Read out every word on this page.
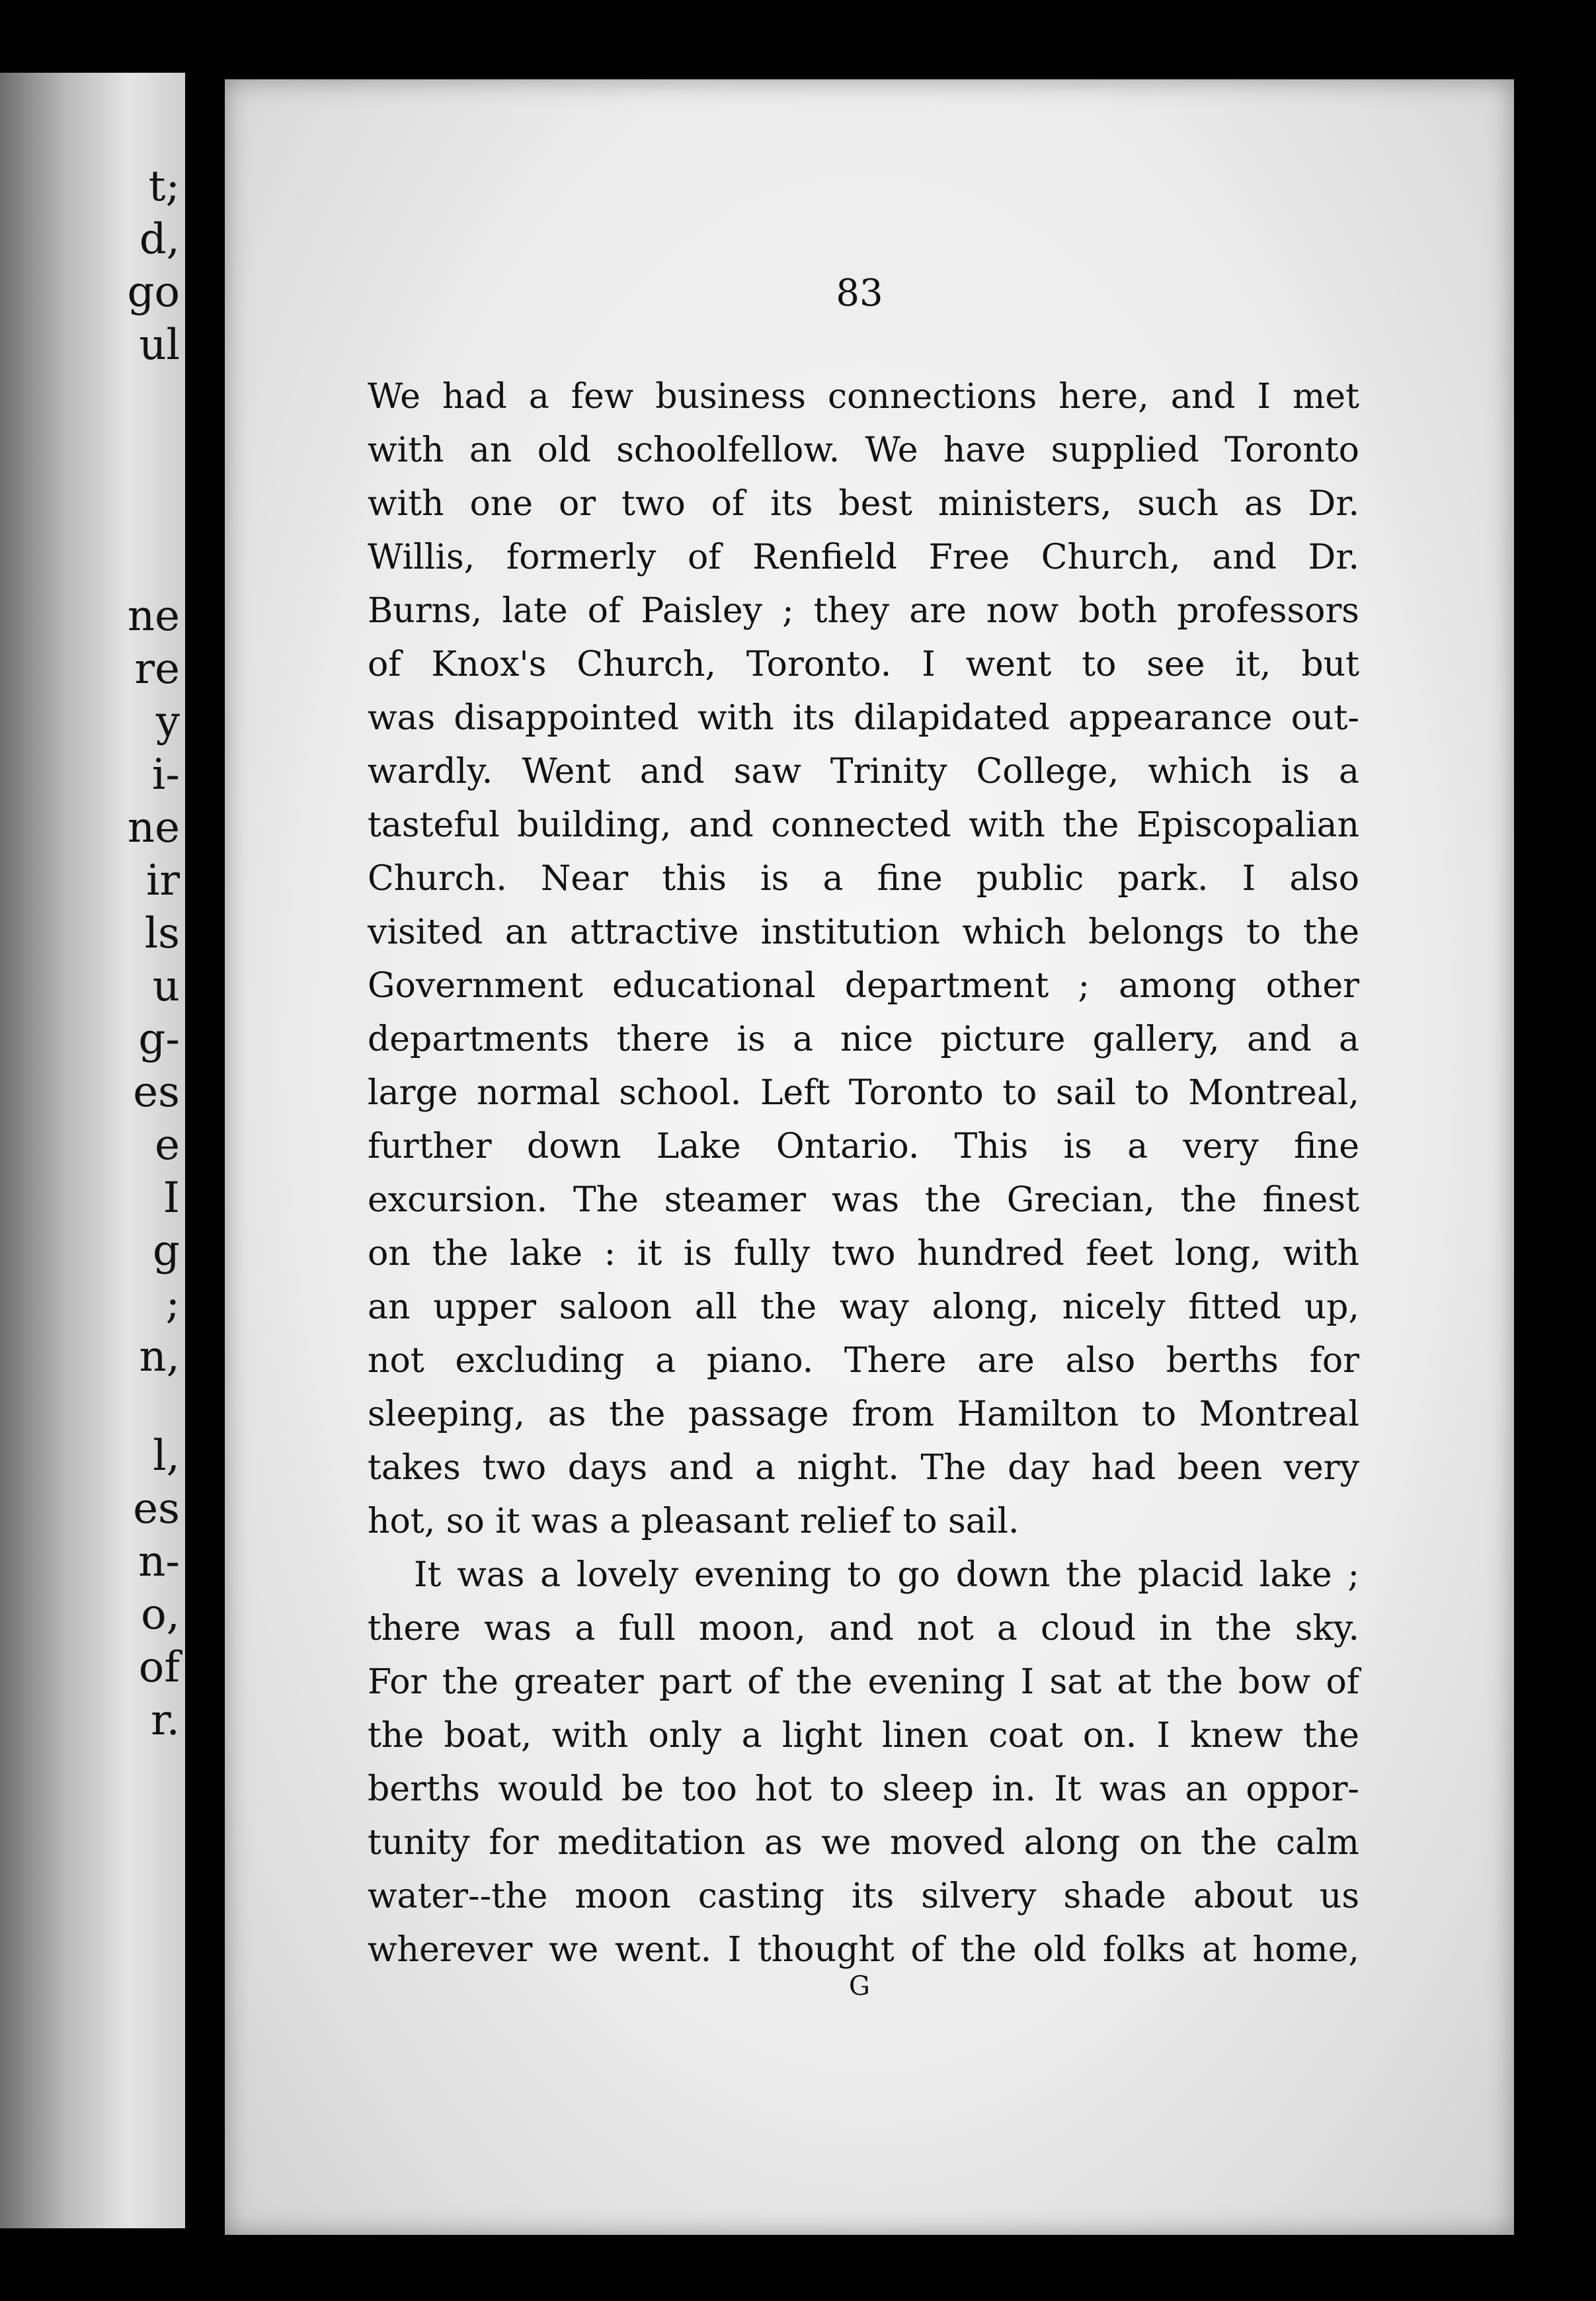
t;
d,
go
ul
ne
re
y
i-
ne
ir
ls
u
g-
es
e
I
g
;
n,
l,
es
n-
o,
of
r.
83
We had a few business connections here, and I met
with an old schoolfellow. We have supplied Toronto
with one or two of its best ministers, such as Dr.
Willis, formerly of Renfield Free Church, and Dr.
Burns, late of Paisley ; they are now both professors
of Knox's Church, Toronto. I went to see it, but
was disappointed with its dilapidated appearance out-
wardly. Went and saw Trinity College, which is a
tasteful building, and connected with the Episcopalian
Church. Near this is a fine public park. I also
visited an attractive institution which belongs to the
Government educational department ; among other
departments there is a nice picture gallery, and a
large normal school. Left Toronto to sail to Montreal,
further down Lake Ontario. This is a very fine
excursion. The steamer was the Grecian, the finest
on the lake : it is fully two hundred feet long, with
an upper saloon all the way along, nicely fitted up,
not excluding a piano. There are also berths for
sleeping, as the passage from Hamilton to Montreal
takes two days and a night. The day had been very
hot, so it was a pleasant relief to sail.
It was a lovely evening to go down the placid lake ;
there was a full moon, and not a cloud in the sky.
For the greater part of the evening I sat at the bow of
the boat, with only a light linen coat on. I knew the
berths would be too hot to sleep in. It was an oppor-
tunity for meditation as we moved along on the calm
water--the moon casting its silvery shade about us
wherever we went. I thought of the old folks at home,
G
